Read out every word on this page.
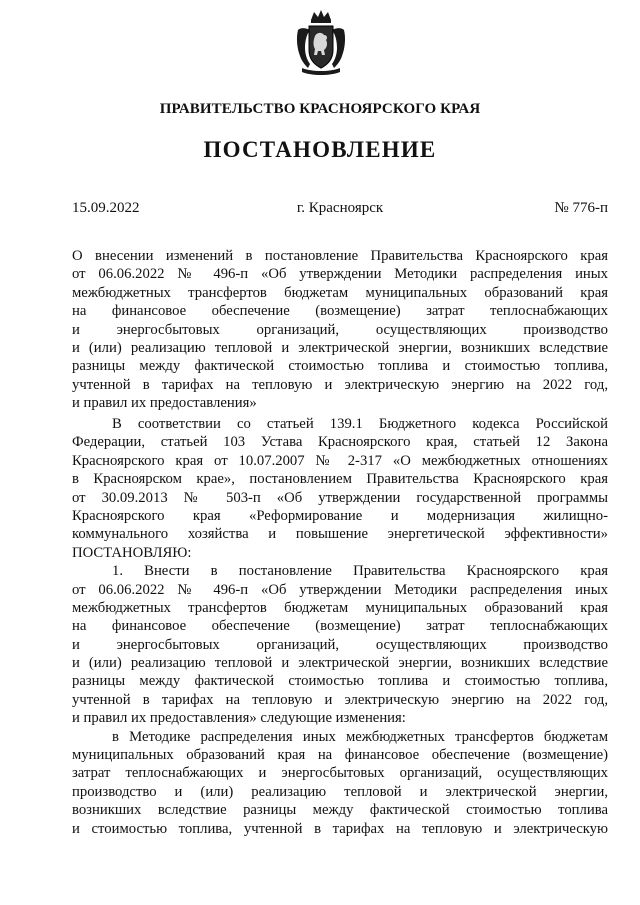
ПРАВИТЕЛЬСТВО КРАСНОЯРСКОГО КРАЯ
ПОСТАНОВЛЕНИЕ
г. Красноярск
15.09.2022	№ 776-п
О внесении изменений в постановление Правительства Красноярского края
от 06.06.2022 № 496-п «Об утверждении Методики распределения иных
межбюджетных трансфертов бюджетам муниципальных образований края
на финансовое обеспечение (возмещение) затрат теплоснабжающих
и энергосбытовых организаций, осуществляющих производство
и (или) реализацию тепловой и электрической энергии, возникших вследствие
разницы между фактической стоимостью топлива и стоимостью топлива,
учтенной в тарифах на тепловую и электрическую энергию на 2022 год,
и правил их предоставления»
В соответствии со статьей 139.1 Бюджетного кодекса Российской
Федерации, статьей 103 Устава Красноярского края, статьей 12 Закона
Красноярского края от 10.07.2007 № 2-317 «О межбюджетных отношениях
в Красноярском крае», постановлением Правительства Красноярского края
от 30.09.2013 № 503-п «Об утверждении государственной программы
Красноярского края «Реформирование и модернизация жилищно-
коммунального хозяйства и повышение энергетической эффективности»
ПОСТАНОВЛЯЮ:
1. Внести в постановление Правительства Красноярского края
от 06.06.2022 № 496-п «Об утверждении Методики распределения иных
межбюджетных трансфертов бюджетам муниципальных образований края
на финансовое обеспечение (возмещение) затрат теплоснабжающих
и энергосбытовых организаций, осуществляющих производство
и (или) реализацию тепловой и электрической энергии, возникших вследствие
разницы между фактической стоимостью топлива и стоимостью топлива,
учтенной в тарифах на тепловую и электрическую энергию на 2022 год,
и правил их предоставления» следующие изменения:
в Методике распределения иных межбюджетных трансфертов бюджетам
муниципальных образований края на финансовое обеспечение (возмещение)
затрат теплоснабжающих и энергосбытовых организаций, осуществляющих
производство и (или) реализацию тепловой и электрической энергии,
возникших вследствие разницы между фактической стоимостью топлива
и стоимостью топлива, учтенной в тарифах на тепловую и электрическую
